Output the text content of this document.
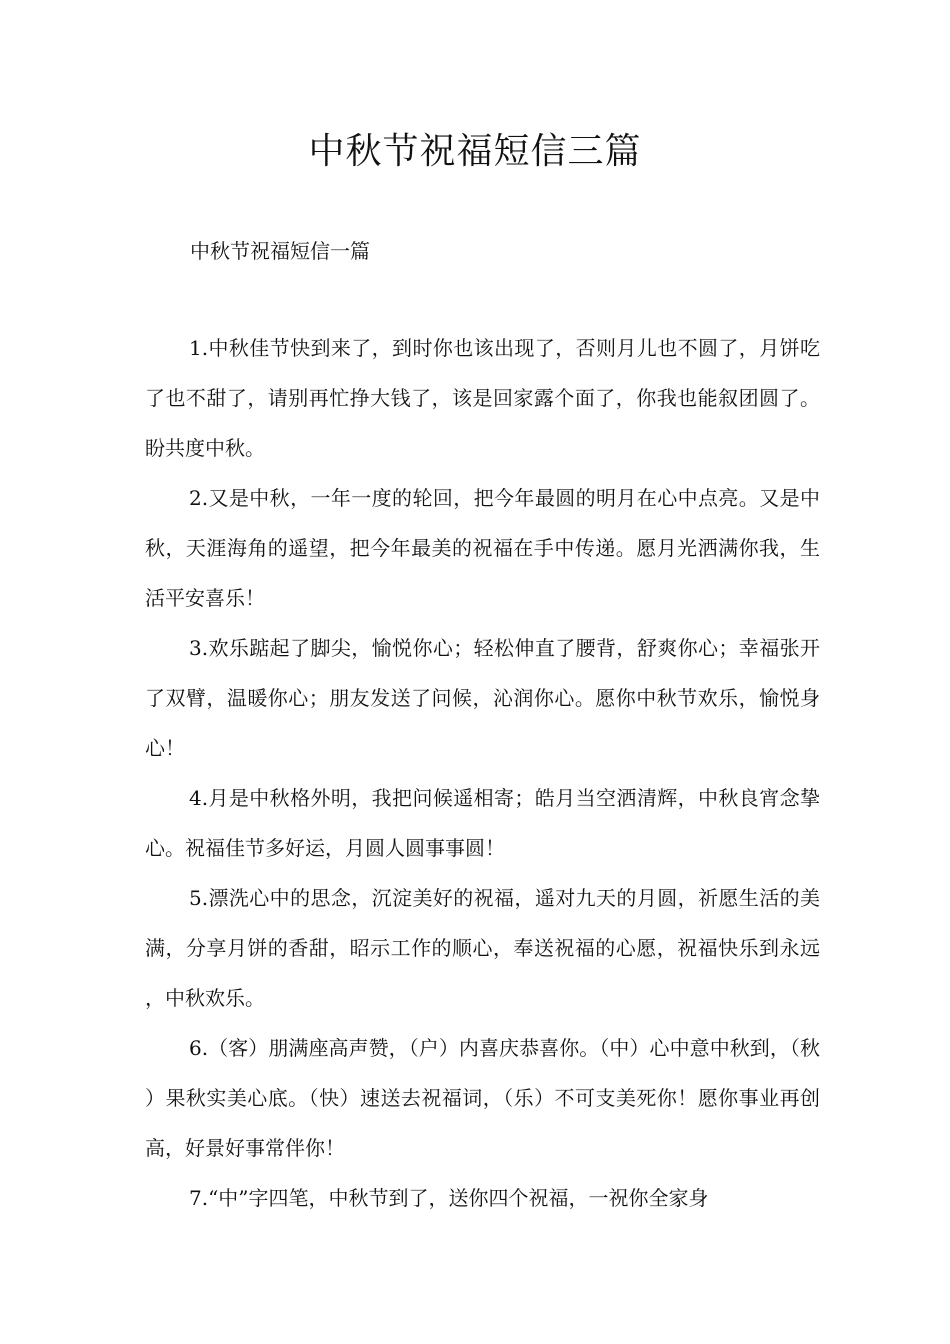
中秋节祝福短信三篇

中秋节祝福短信一篇

1.中秋佳节快到来了，到时你也该出现了，否则月儿也不圆了，月饼吃了也不甜了，请别再忙挣大钱了，该是回家露个面了，你我也能叙团圆了。盼共度中秋。

2.又是中秋，一年一度的轮回，把今年最圆的明月在心中点亮。又是中秋，天涯海角的遥望，把今年最美的祝福在手中传递。愿月光洒满你我，生活平安喜乐！

3.欢乐踮起了脚尖，愉悦你心；轻松伸直了腰背，舒爽你心；幸福张开了双臂，温暖你心；朋友发送了问候，沁润你心。愿你中秋节欢乐，愉悦身心！

4.月是中秋格外明，我把问候遥相寄；皓月当空洒清辉，中秋良宵念挚心。祝福佳节多好运，月圆人圆事事圆！

5.漂洗心中的思念，沉淀美好的祝福，遥对九天的月圆，祈愿生活的美满，分享月饼的香甜，昭示工作的顺心，奉送祝福的心愿，祝福快乐到永远，中秋欢乐。

6.（客）朋满座高声赞，（户）内喜庆恭喜你。（中）心中意中秋到，（秋）果秋实美心底。（快）速送去祝福词，（乐）不可支美死你！愿你事业再创高，好景好事常伴你！

7.“中”字四笔，中秋节到了，送你四个祝福，一祝你全家身
